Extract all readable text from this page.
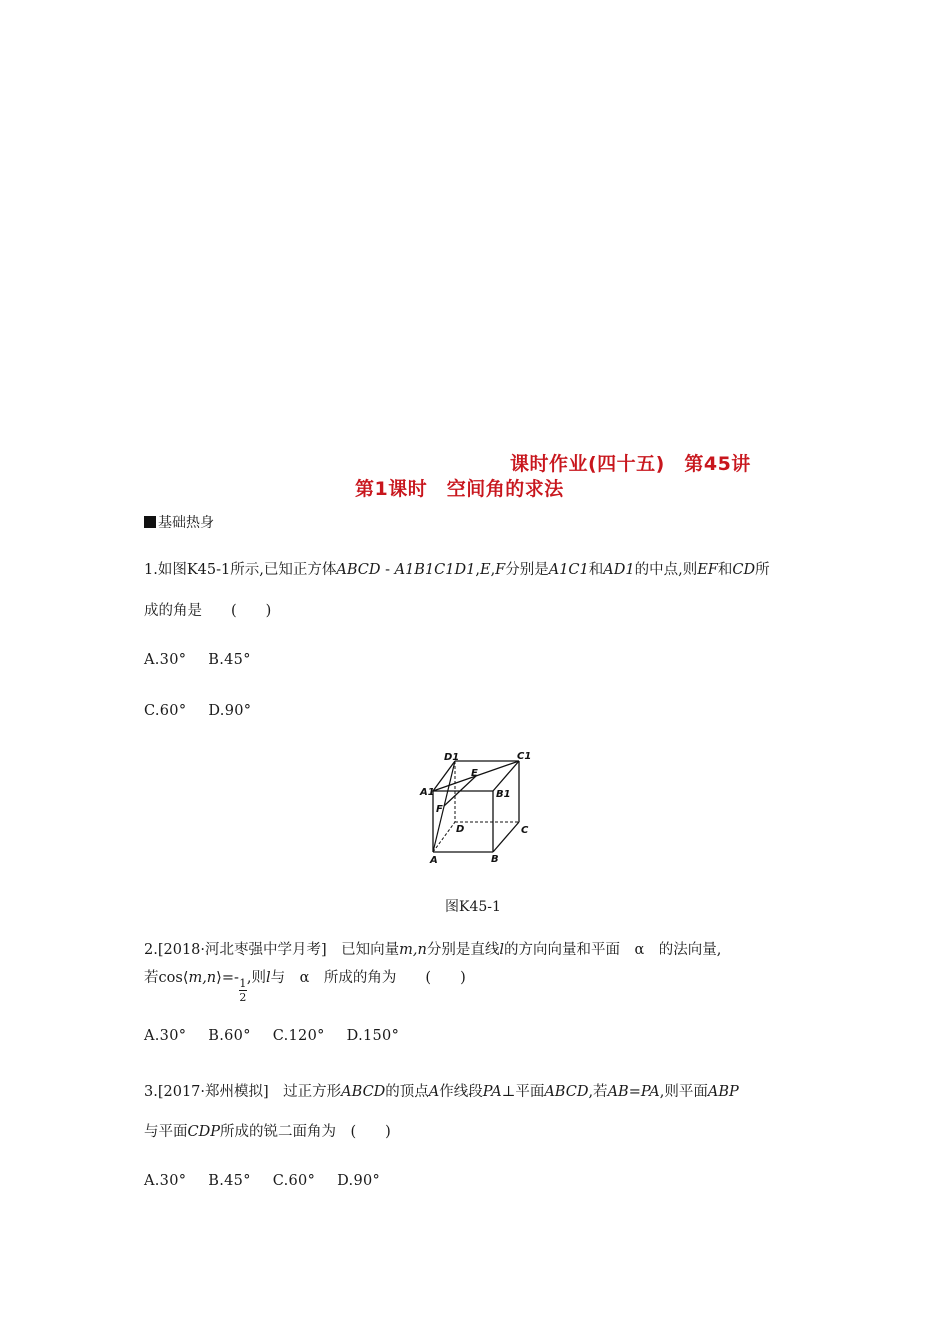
课时作业(四十五)　第45讲
第1课时　空间角的求法
基础热身
1.如图K45-1所示,已知正方体ABCD - A1B1C1D1,E,F分别是A1C1和AD1的中点,则EF和CD所
成的角是　　(　　)
A.30° B.45°
C.60° D.90°
D1	C1
E
A1	B1
F
D	C
A	B
图K45-1
2.[2018·河北枣强中学月考]　已知向量m,n分别是直线l的方向向量和平面　α　的法向量,
若cos⟨m,n⟩=-
$\frac{1}{2}$
,则l与　α　所成的角为　　(　　)
A.30° B.60° C.120° D.150°
3.[2017·郑州模拟]　过正方形ABCD的顶点A作线段PA⊥平面ABCD,若AB=PA,则平面ABP
与平面CDP所成的锐二面角为　(　　)
A.30° B.45° C.60° D.90°
